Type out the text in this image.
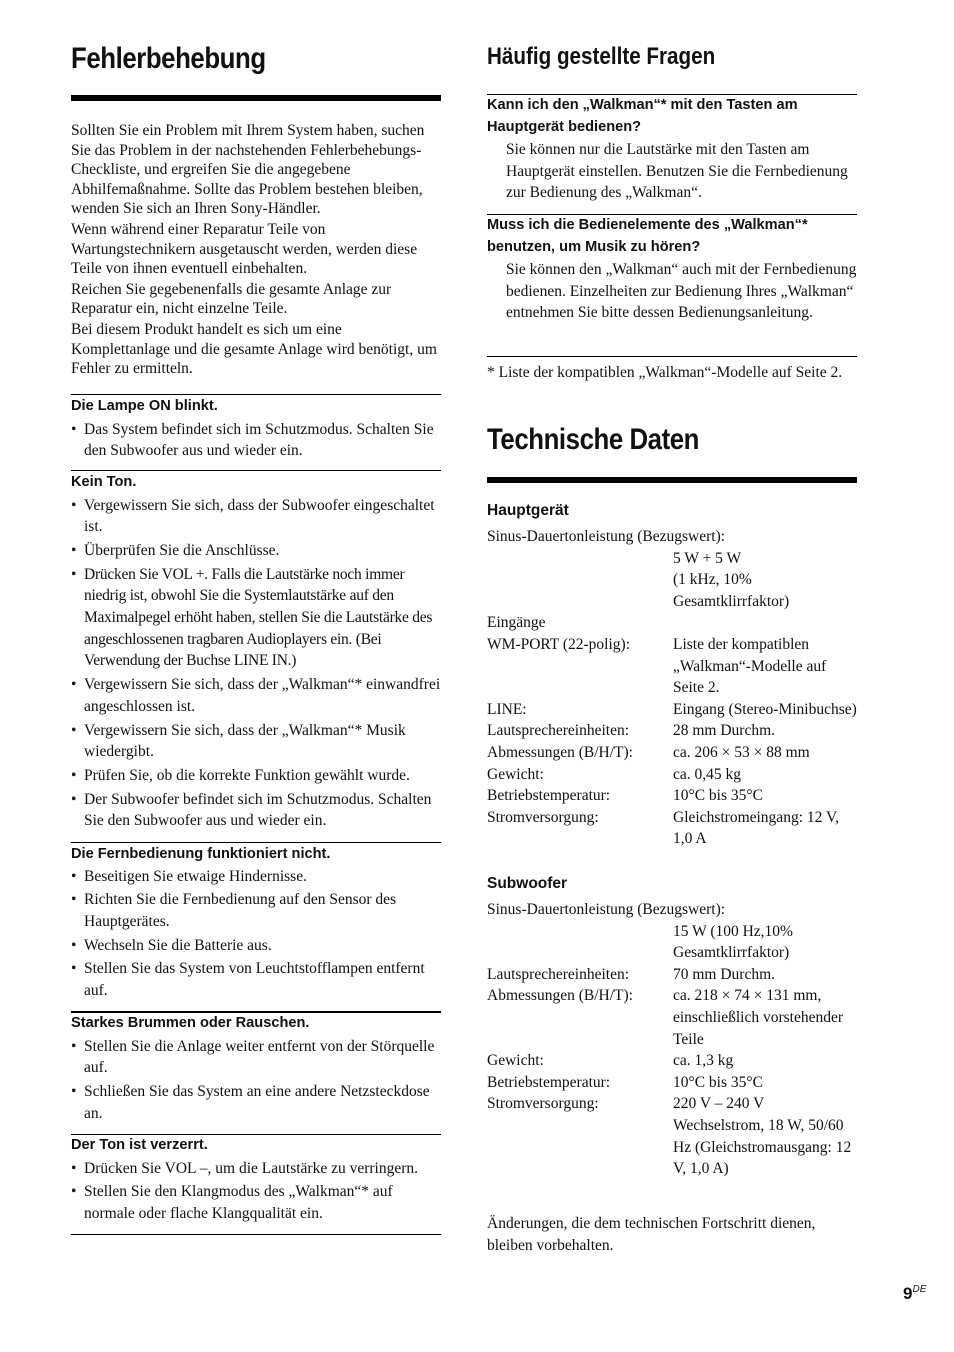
Fehlerbehebung

Sollten Sie ein Problem mit Ihrem System haben, suchen Sie das Problem in der nachstehenden Fehlerbehebungs-Checkliste, und ergreifen Sie die angegebene Abhilfemaßnahme. Sollte das Problem bestehen bleiben, wenden Sie sich an Ihren Sony-Händler.

Wenn während einer Reparatur Teile von Wartungstechnikern ausgetauscht werden, werden diese Teile von ihnen eventuell einbehalten.

Reichen Sie gegebenenfalls die gesamte Anlage zur Reparatur ein, nicht einzelne Teile.

Bei diesem Produkt handelt es sich um eine Komplettanlage und die gesamte Anlage wird benötigt, um Fehler zu ermitteln.

Die Lampe ON blinkt.
• Das System befindet sich im Schutzmodus. Schalten Sie den Subwoofer aus und wieder ein.
Kein Ton.
• Vergewissern Sie sich, dass der Subwoofer eingeschaltet ist.
• Überprüfen Sie die Anschlüsse.
• Drücken Sie VOL +. Falls die Lautstärke noch immer niedrig ist, obwohl Sie die Systemlautstärke auf den Maximalpegel erhöht haben, stellen Sie die Lautstärke des angeschlossenen tragbaren Audioplayers ein. (Bei Verwendung der Buchse LINE IN.)
• Vergewissern Sie sich, dass der „Walkman“* einwandfrei angeschlossen ist.
• Vergewissern Sie sich, dass der „Walkman“* Musik wiedergibt.
• Prüfen Sie, ob die korrekte Funktion gewählt wurde.
• Der Subwoofer befindet sich im Schutzmodus. Schalten Sie den Subwoofer aus und wieder ein.
Die Fernbedienung funktioniert nicht.
• Beseitigen Sie etwaige Hindernisse.
• Richten Sie die Fernbedienung auf den Sensor des Hauptgerätes.
• Wechseln Sie die Batterie aus.
• Stellen Sie das System von Leuchtstofflampen entfernt auf.
Starkes Brummen oder Rauschen.
• Stellen Sie die Anlage weiter entfernt von der Störquelle auf.
• Schließen Sie das System an eine andere Netzsteckdose an.
Der Ton ist verzerrt.
• Drücken Sie VOL –, um die Lautstärke zu verringern.
• Stellen Sie den Klangmodus des „Walkman“* auf normale oder flache Klangqualität ein.
Häufig gestellte Fragen
Kann ich den „Walkman“* mit den Tasten am Hauptgerät bedienen?

Sie können nur die Lautstärke mit den Tasten am Hauptgerät einstellen. Benutzen Sie die Fernbedienung zur Bedienung des „Walkman“.

Muss ich die Bedienelemente des „Walkman“* benutzen, um Musik zu hören?

Sie können den „Walkman“ auch mit der Fernbedienung bedienen. Einzelheiten zur Bedienung Ihres „Walkman“ entnehmen Sie bitte dessen Bedienungsanleitung.

* Liste der kompatiblen „Walkman“-Modelle auf Seite 2.

Technische Daten
Hauptgerät
Sinus-Dauertonleistung (Bezugswert):	
	5 W + 5 W
	(1 kHz, 10% Gesamtklirrfaktor)
Eingänge	
WM-PORT (22-polig):	Liste der kompatiblen „Walkman“-Modelle auf Seite 2.
LINE:	Eingang (Stereo-Minibuchse)
Lautsprechereinheiten:	28 mm Durchm.
Abmessungen (B/H/T):	ca. 206 × 53 × 88 mm
Gewicht:	ca. 0,45 kg
Betriebstemperatur:	10°C bis 35°C
Stromversorgung:	Gleichstromeingang: 12 V, 1,0 A
Subwoofer
Sinus-Dauertonleistung (Bezugswert):	
	15 W (100 Hz,10% Gesamtklirrfaktor)
Lautsprechereinheiten:	70 mm Durchm.
Abmessungen (B/H/T):	ca. 218 × 74 × 131 mm, einschließlich vorstehender Teile
Gewicht:	ca. 1,3 kg
Betriebstemperatur:	10°C bis 35°C
Stromversorgung:	220 V – 240 V Wechselstrom, 18 W, 50/60 Hz (Gleichstromausgang: 12 V, 1,0 A)

Änderungen, die dem technischen Fortschritt dienen, bleiben vorbehalten.

9DE
